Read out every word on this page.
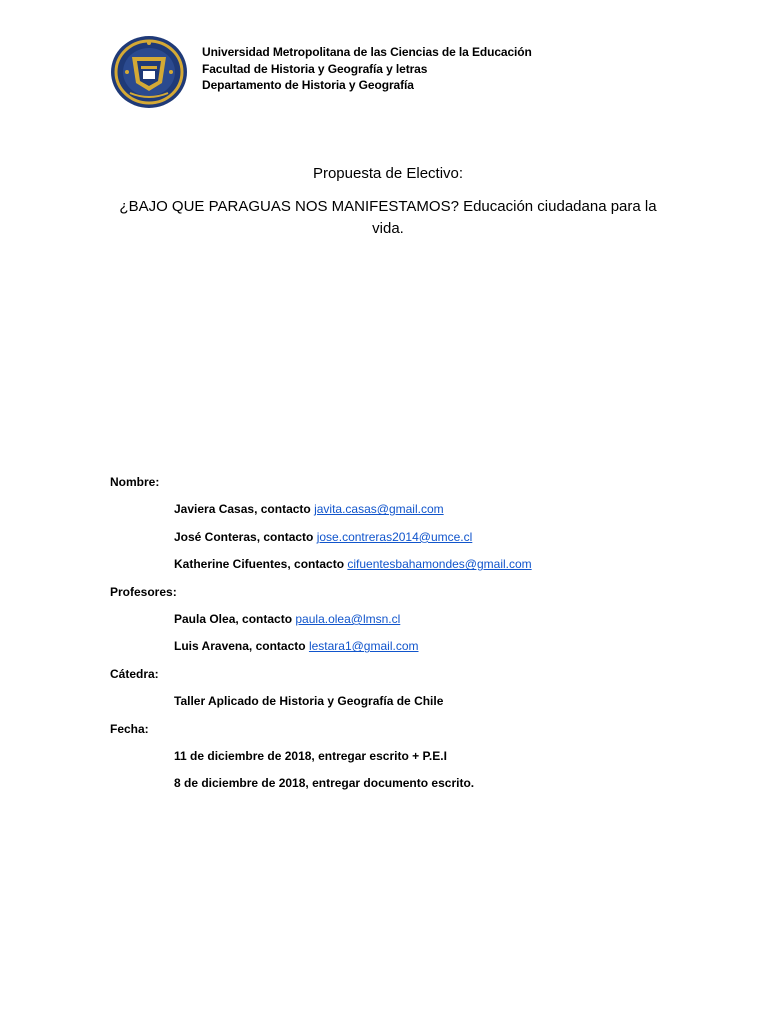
Universidad Metropolitana de las Ciencias de la Educación
Facultad de Historia y Geografía y letras
Departamento de Historia y Geografía
Propuesta de Electivo:
¿BAJO QUE PARAGUAS NOS MANIFESTAMOS? Educación ciudadana para la vida.
Nombre:
Javiera Casas, contacto javita.casas@gmail.com
José Conteras, contacto jose.contreras2014@umce.cl
Katherine Cifuentes, contacto cifuentesbahamondes@gmail.com
Profesores:
Paula Olea, contacto paula.olea@lmsn.cl
Luis Aravena, contacto lestara1@gmail.com
Cátedra:
Taller Aplicado de Historia y Geografía de Chile
Fecha:
11 de diciembre de 2018, entregar escrito + P.E.I
8 de diciembre de 2018, entregar documento escrito.
